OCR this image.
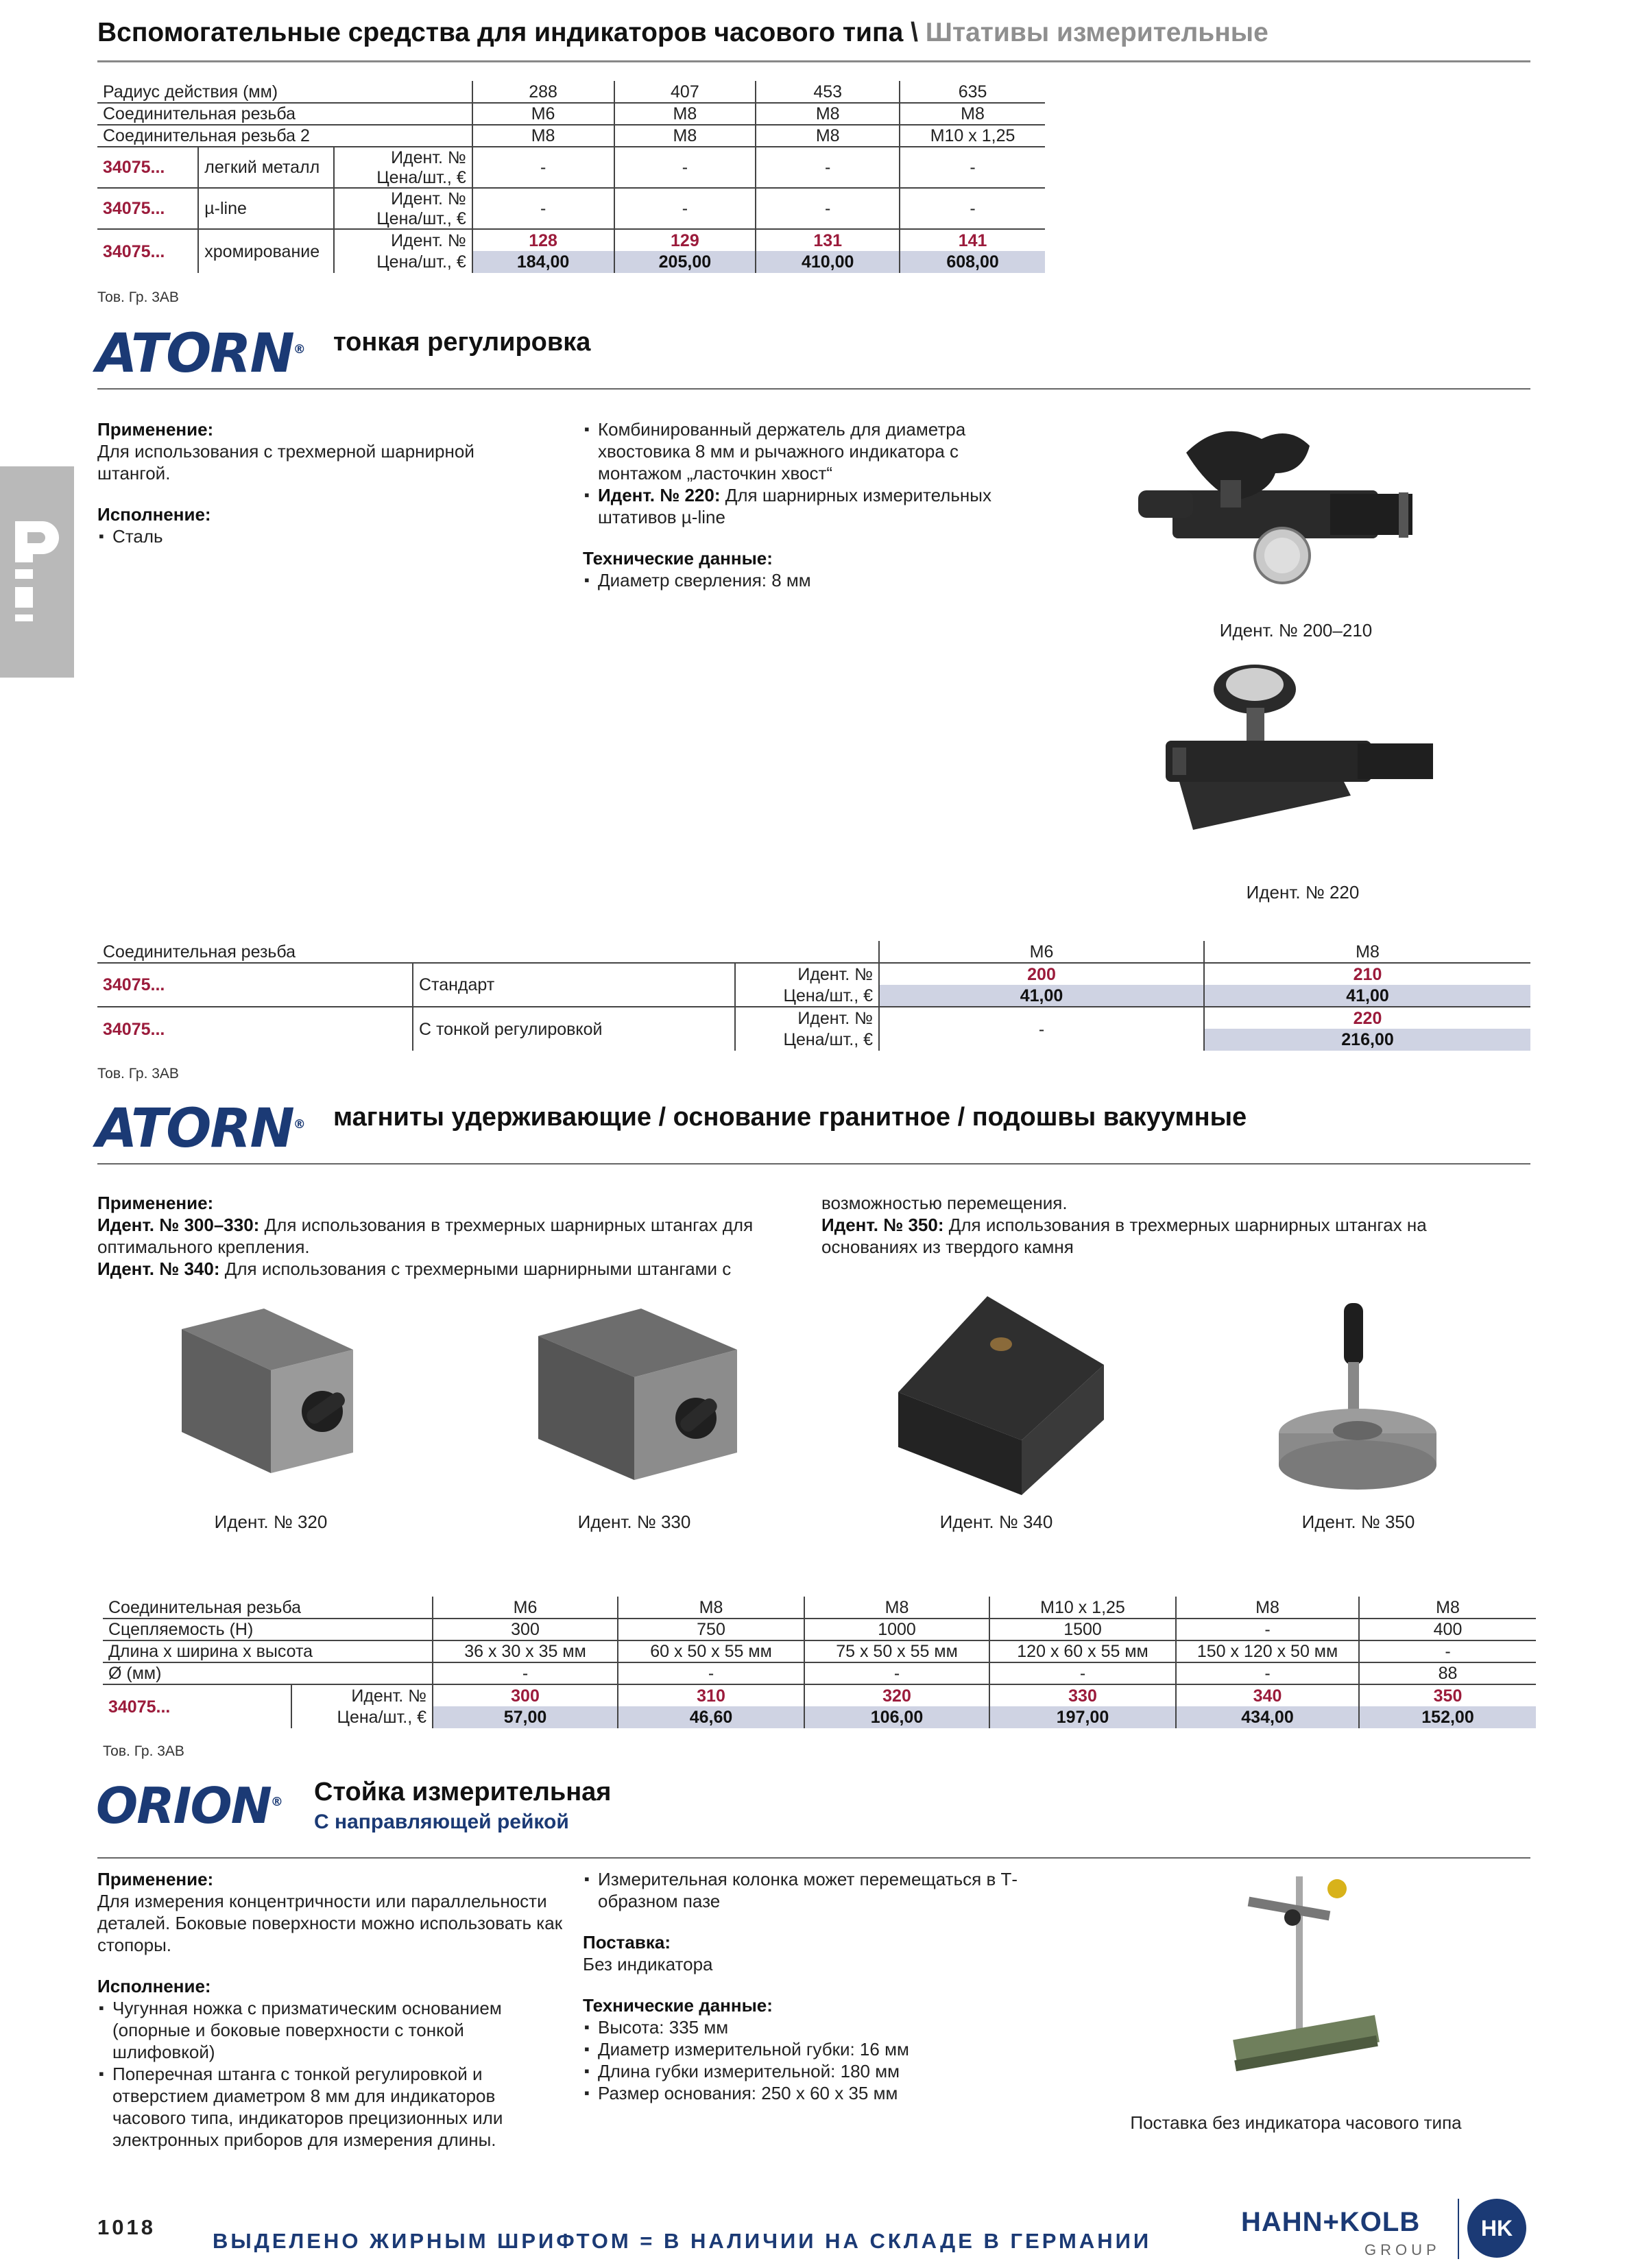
Вспомогательные средства для индикаторов часового типа \ Штативы измерительные
Радиус действия (мм)			288	407	453	635
Соединительная резьба			M6	M8	M8	M8
Соединительная резьба 2			M8	M8	M8	M10 x 1,25
34075...	легкий металл	Идент. №	-	-	-	-
		Цена/шт., €				
34075...	µ-line	Идент. №	-	-	-	-
		Цена/шт., €				
34075...	хромирование	Идент. №	128	129	131	141
		Цена/шт., €	184,00	205,00	410,00	608,00
Тов. Гр. 3AB
ATORN® тонкая регулировка
Применение:
Для использования с трехмерной шарнирной штангой.
Исполнение:
▪ Сталь
▪ Комбинированный держатель для диаметра хвостовика 8 мм и рычажного индикатора с монтажом „ласточкин хвост“
▪ Идент. № 220: Для шарнирных измерительных штативов µ-line
Технические данные:
▪ Диаметр сверления: 8 мм
Идент. № 200–210
Идент. № 220
Соединительная резьба			M6	M8
34075...	Стандарт	Идент. №	200	210
		Цена/шт., €	41,00	41,00
34075...	С тонкой регулировкой	Идент. №	-	220
		Цена/шт., €		216,00
Тов. Гр. 3AB
ATORN® магниты удерживающие / основание гранитное / подошвы вакуумные
Применение:
Идент. № 300–330: Для использования в трехмерных шарнирных штангах для оптимального крепления.
Идент. № 340: Для использования с трехмерными шарнирными штангами с
возможностью перемещения.
Идент. № 350: Для использования в трехмерных шарнирных штангах на основаниях из твердого камня
Идент. № 320	Идент. № 330	Идент. № 340	Идент. № 350
Соединительная резьба		M6	M8	M8	M10 x 1,25	M8	M8
Сцепляемость (Н)		300	750	1000	1500	-	400
Длина x ширина x высота		36 x 30 x 35 мм	60 x 50 x 55 мм	75 x 50 x 55 мм	120 x 60 x 55 мм	150 x 120 x 50 мм	-
Ø (мм)		-	-	-	-	-	88
34075...	Идент. №	300	310	320	330	340	350
	Цена/шт., €	57,00	46,60	106,00	197,00	434,00	152,00
Тов. Гр. 3AB
ORION® Стойка измерительная
С направляющей рейкой
Применение:
Для измерения концентричности или параллельности деталей. Боковые поверхности можно использовать как стопоры.
Исполнение:
▪ Чугунная ножка с призматическим основанием (опорные и боковые поверхности с тонкой шлифовкой)
▪ Поперечная штанга с тонкой регулировкой и отверстием диаметром 8 мм для индикаторов часового типа, индикаторов прецизионных или электронных приборов для измерения длины.
▪ Измерительная колонка может перемещаться в Т-образном пазе
Поставка:
Без индикатора
Технические данные:
▪ Высота: 335 мм
▪ Диаметр измерительной губки: 16 мм
▪ Длина губки измерительной: 180 мм
▪ Размер основания: 250 x 60 x 35 мм
Поставка без индикатора часового типа
1018
ВЫДЕЛЕНО ЖИРНЫМ ШРИФТОМ = В НАЛИЧИИ НА СКЛАДЕ В ГЕРМАНИИ
HAHN+KOLB
GROUP
HK
